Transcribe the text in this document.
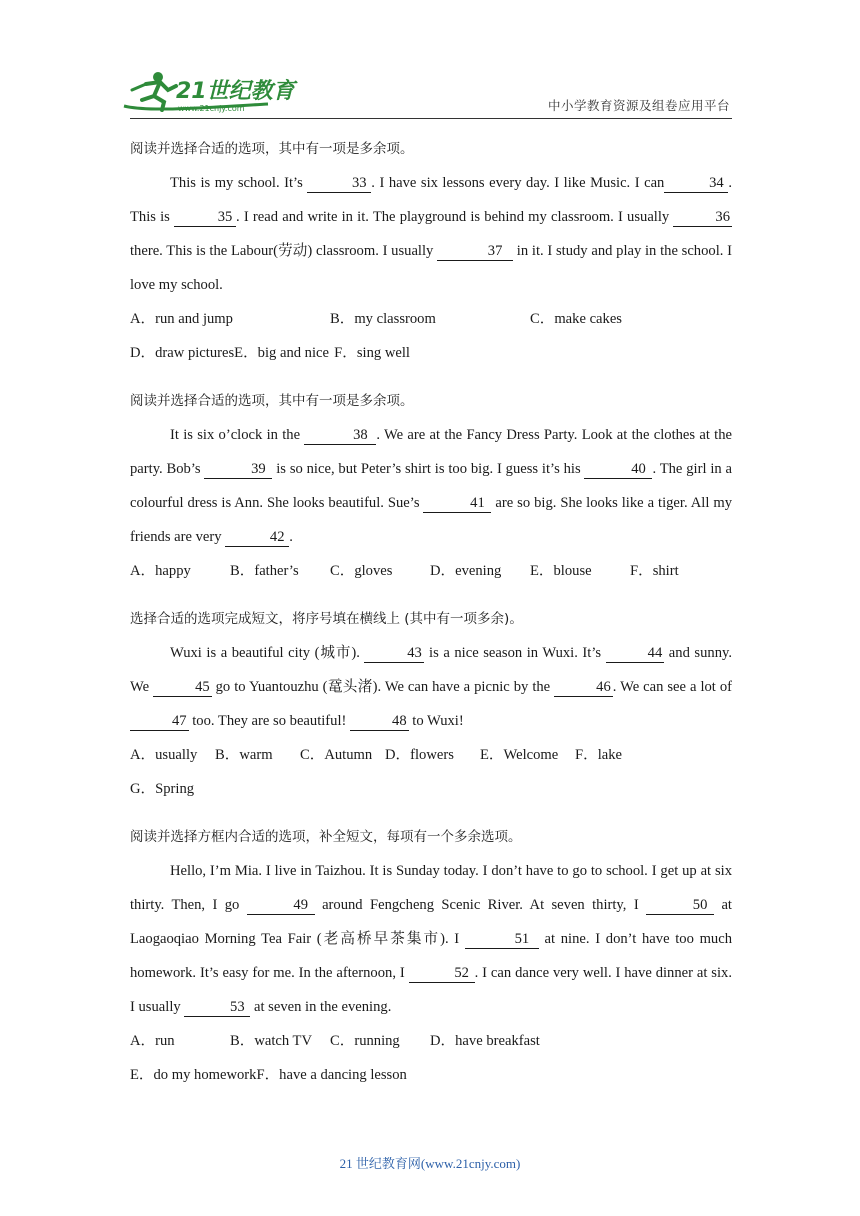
21世纪教育
www.21cnjy.com	中小学教育资源及组卷应用平台
阅读并选择合适的选项，其中有一项是多余项。
This is my school. It’s	33 . I have six lessons every day. I like Music. I can	34 . This is	35 . I read and write in it. The playground is behind my classroom. I usually	36 there. This is the Labour(劳动) classroom. I usually	37 in it. I study and play in the school. I love my school.
A．run and jump	B．my classroom	C．make cakesD．draw picturesE．big and nice F．sing well
阅读并选择合适的选项，其中有一项是多余项。
It is six o’clock in the	38 . We are at the Fancy Dress Party. Look at the clothes at the party. Bob’s	39 is so nice, but Peter’s shirt is too big. I guess it’s his	40 . The girl in a colourful dress is Ann. She looks beautiful. Sue’s	41 are so big. She looks like a tiger. All my friends are very	42 .
A．happy	B．father’s C．gloves	D．evening E．blouse	F．shirt
选择合适的选项完成短文，将序号填在横线上 (其中有一项多余)。
Wuxi is a beautiful city (城市).	43 is a nice season in Wuxi. It’s	44 and sunny. We	45 go to Yuantouzhu (鼋头渚). We can have a picnic by the	46 . We can see a lot of 47 too. They are so beautiful!	48 to Wuxi!
A．usually B．warm C．Autumn D．flowers E．Welcome F．lakeG．Spring
阅读并选择方框内合适的选项，补全短文，每项有一个多余选项。
Hello, I’m Mia. I live in Taizhou. It is Sunday today. I don’t have to go to school. I get up at six thirty. Then, I go	49 around Fengcheng Scenic River. At seven thirty, I	50 at Laogaoqiao Morning Tea Fair (老高桥早茶集市). I	51 at nine. I don’t have too much homework. It’s easy for me. In the afternoon, I	52 . I can dance very well. I have dinner at six. I usually	53 at seven in the evening.
A．run	B．watch TV C．running D．have breakfastE．do my homeworkF．have a dancing lesson
21 世纪教育网(www.21cnjy.com)
